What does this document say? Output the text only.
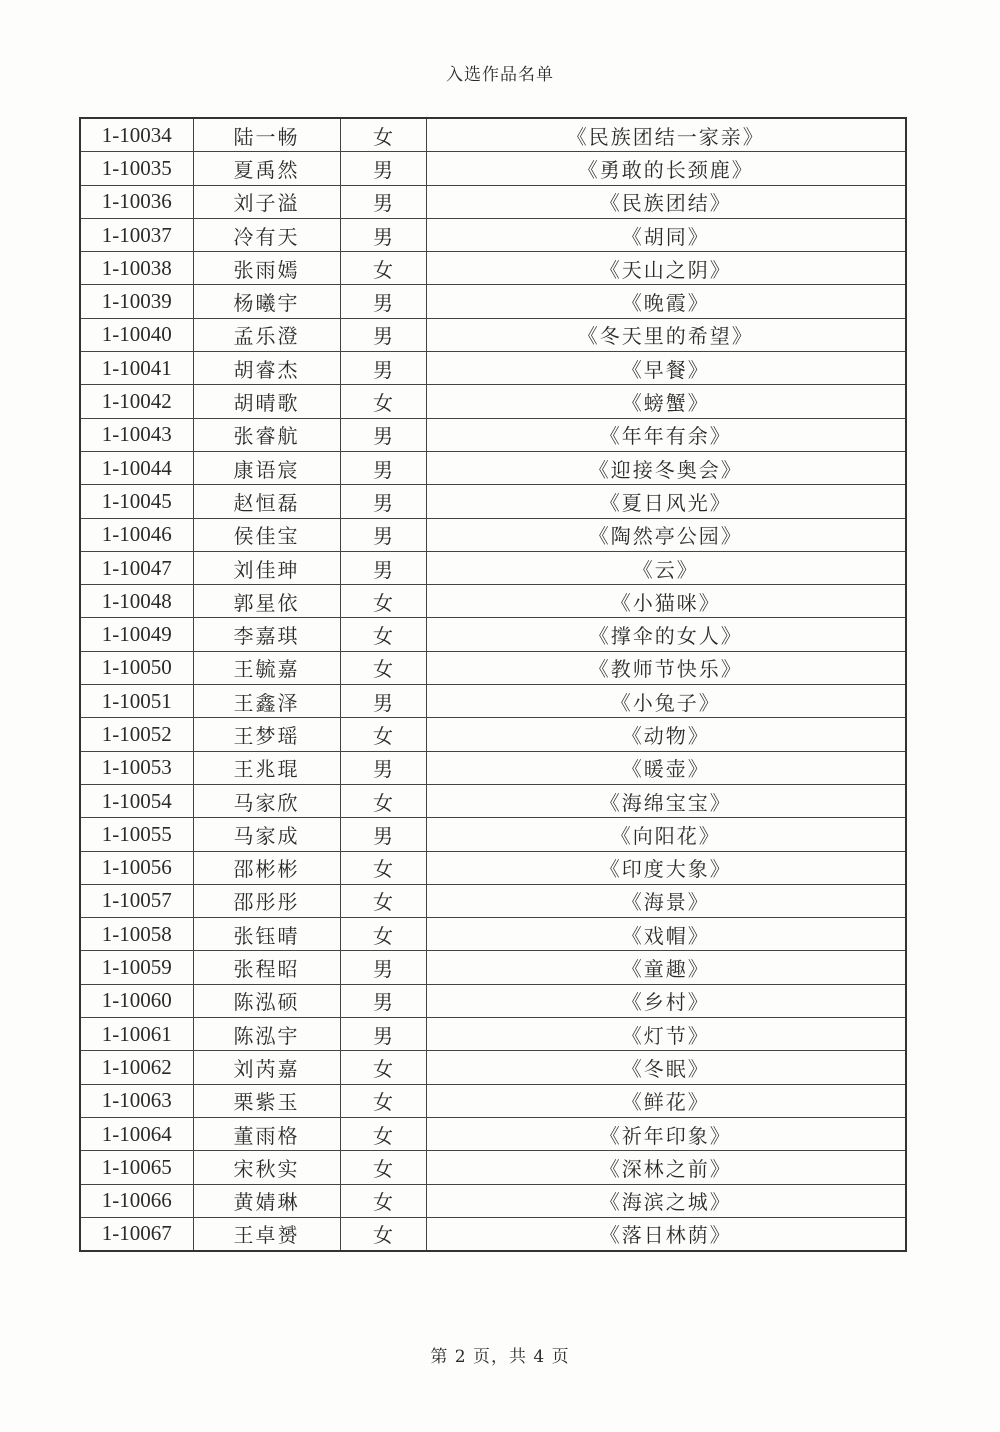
入选作品名单
1-10034	陆一畅	女	《民族团结一家亲》
1-10035	夏禹然	男	《勇敢的长颈鹿》
1-10036	刘子溢	男	《民族团结》
1-10037	冷有天	男	《胡同》
1-10038	张雨嫣	女	《天山之阴》
1-10039	杨曦宇	男	《晚霞》
1-10040	孟乐澄	男	《冬天里的希望》
1-10041	胡睿杰	男	《早餐》
1-10042	胡晴歌	女	《螃蟹》
1-10043	张睿航	男	《年年有余》
1-10044	康语宸	男	《迎接冬奥会》
1-10045	赵恒磊	男	《夏日风光》
1-10046	侯佳宝	男	《陶然亭公园》
1-10047	刘佳珅	男	《云》
1-10048	郭星依	女	《小猫咪》
1-10049	李嘉琪	女	《撑伞的女人》
1-10050	王毓嘉	女	《教师节快乐》
1-10051	王鑫泽	男	《小兔子》
1-10052	王梦瑶	女	《动物》
1-10053	王兆琨	男	《暖壶》
1-10054	马家欣	女	《海绵宝宝》
1-10055	马家成	男	《向阳花》
1-10056	邵彬彬	女	《印度大象》
1-10057	邵彤彤	女	《海景》
1-10058	张钰晴	女	《戏帽》
1-10059	张程昭	男	《童趣》
1-10060	陈泓硕	男	《乡村》
1-10061	陈泓宇	男	《灯节》
1-10062	刘芮嘉	女	《冬眠》
1-10063	栗紫玉	女	《鲜花》
1-10064	董雨格	女	《祈年印象》
1-10065	宋秋实	女	《深林之前》
1-10066	黄婧琳	女	《海滨之城》
1-10067	王卓赟	女	《落日林荫》
第 2 页，共 4 页
